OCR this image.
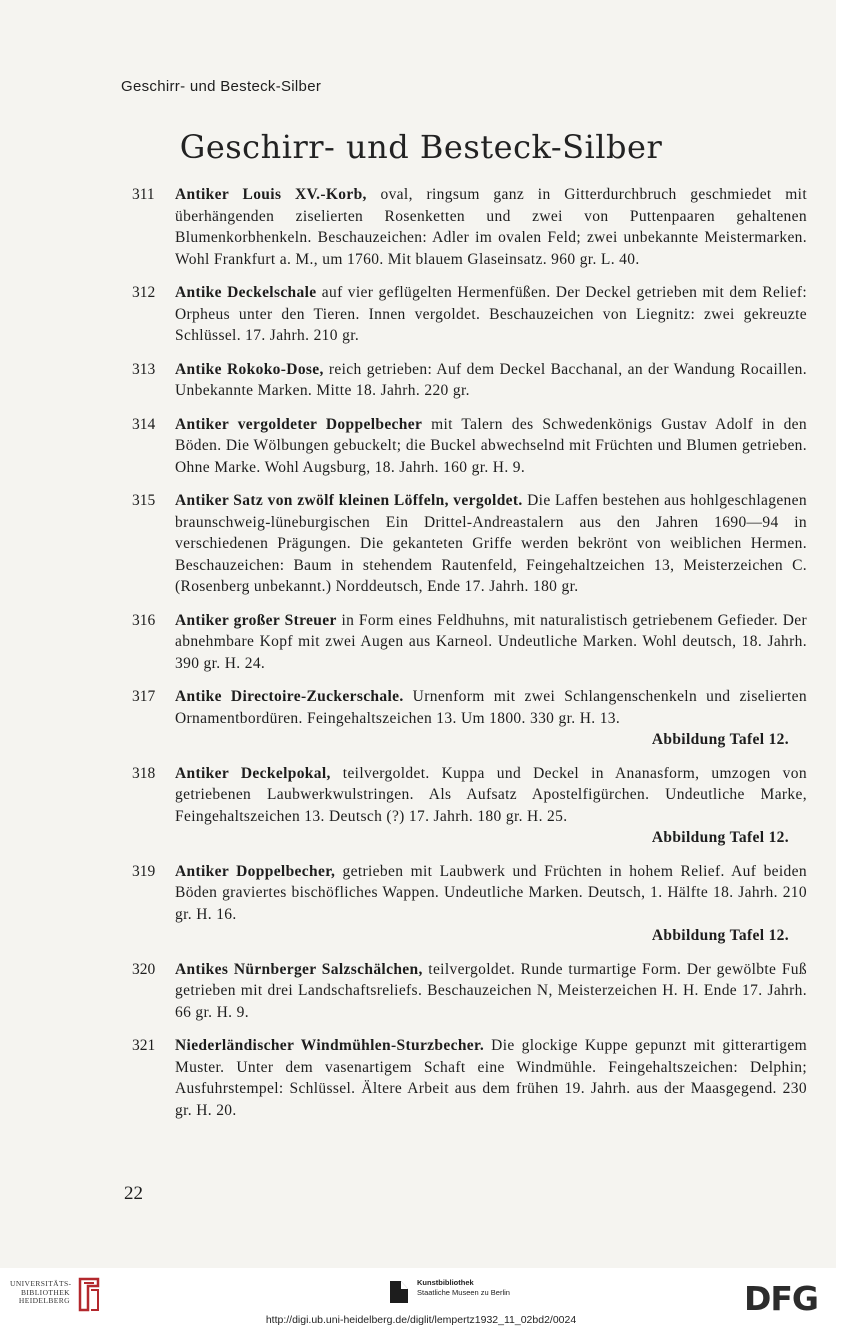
Geschirr- und Besteck-Silber
Geschirr- und Besteck-Silber
311 Antiker Louis XV.-Korb, oval, ringsum ganz in Gitterdurchbruch geschmiedet mit überhängenden ziselierten Rosenketten und zwei von Puttenpaaren gehaltenen Blumenkorbhenkeln. Beschauzeichen: Adler im ovalen Feld; zwei unbekannte Meistermarken. Wohl Frankfurt a. M., um 1760. Mit blauem Glaseinsatz. 960 gr. L. 40.
312 Antike Deckelschale auf vier geflügelten Hermenfüßen. Der Deckel getrieben mit dem Relief: Orpheus unter den Tieren. Innen vergoldet. Beschauzeichen von Liegnitz: zwei gekreuzte Schlüssel. 17. Jahrh. 210 gr.
313 Antike Rokoko-Dose, reich getrieben: Auf dem Deckel Bacchanal, an der Wandung Rocaillen. Unbekannte Marken. Mitte 18. Jahrh. 220 gr.
314 Antiker vergoldeter Doppelbecher mit Talern des Schwedenkönigs Gustav Adolf in den Böden. Die Wölbungen gebuckelt; die Buckel abwechselnd mit Früchten und Blumen getrieben. Ohne Marke. Wohl Augsburg, 18. Jahrh. 160 gr. H. 9.
315 Antiker Satz von zwölf kleinen Löffeln, vergoldet. Die Laffen bestehen aus hohlgeschlagenen braunschweig-lüneburgischen Ein Drittel-Andreastalern aus den Jahren 1690—94 in verschiedenen Prägungen. Die gekanteten Griffe werden bekrönt von weiblichen Hermen. Beschauzeichen: Baum in stehendem Rautenfeld, Feingehaltzeichen 13, Meisterzeichen C. (Rosenberg unbekannt.) Norddeutsch, Ende 17. Jahrh. 180 gr.
316 Antiker großer Streuer in Form eines Feldhuhns, mit naturalistisch getriebenem Gefieder. Der abnehmbare Kopf mit zwei Augen aus Karneol. Undeutliche Marken. Wohl deutsch, 18. Jahrh. 390 gr. H. 24.
317 Antike Directoire-Zuckerschale. Urnenform mit zwei Schlangenschenkeln und ziselierten Ornamentbordüren. Feingehaltszeichen 13. Um 1800. 330 gr. H. 13.
Abbildung Tafel 12.
318 Antiker Deckelpokal, teilvergoldet. Kuppa und Deckel in Ananasform, umzogen von getriebenen Laubwerkwulstringen. Als Aufsatz Apostelfigürchen. Undeutliche Marke, Feingehaltszeichen 13. Deutsch (?) 17. Jahrh. 180 gr. H. 25.
Abbildung Tafel 12.
319 Antiker Doppelbecher, getrieben mit Laubwerk und Früchten in hohem Relief. Auf beiden Böden graviertes bischöfliches Wappen. Undeutliche Marken. Deutsch, 1. Hälfte 18. Jahrh. 210 gr. H. 16.
Abbildung Tafel 12.
320 Antikes Nürnberger Salzschälchen, teilvergoldet. Runde turmartige Form. Der gewölbte Fuß getrieben mit drei Landschaftsreliefs. Beschauzeichen N, Meisterzeichen H. H. Ende 17. Jahrh. 66 gr. H. 9.
321 Niederländischer Windmühlen-Sturzbecher. Die glockige Kuppe gepunzt mit gitterartigem Muster. Unter dem vasenartigem Schaft eine Windmühle. Feingehaltszeichen: Delphin; Ausfuhrstempel: Schlüssel. Ältere Arbeit aus dem frühen 19. Jahrh. aus der Maasgegend. 230 gr. H. 20.
22
UNIVERSITÄTS-
BIBLIOTHEK
HEIDELBERG
Kunstbibliothek
Staatliche Museen zu Berlin	DFG
http://digi.ub.uni-heidelberg.de/diglit/lempertz1932_11_02bd2/0024
